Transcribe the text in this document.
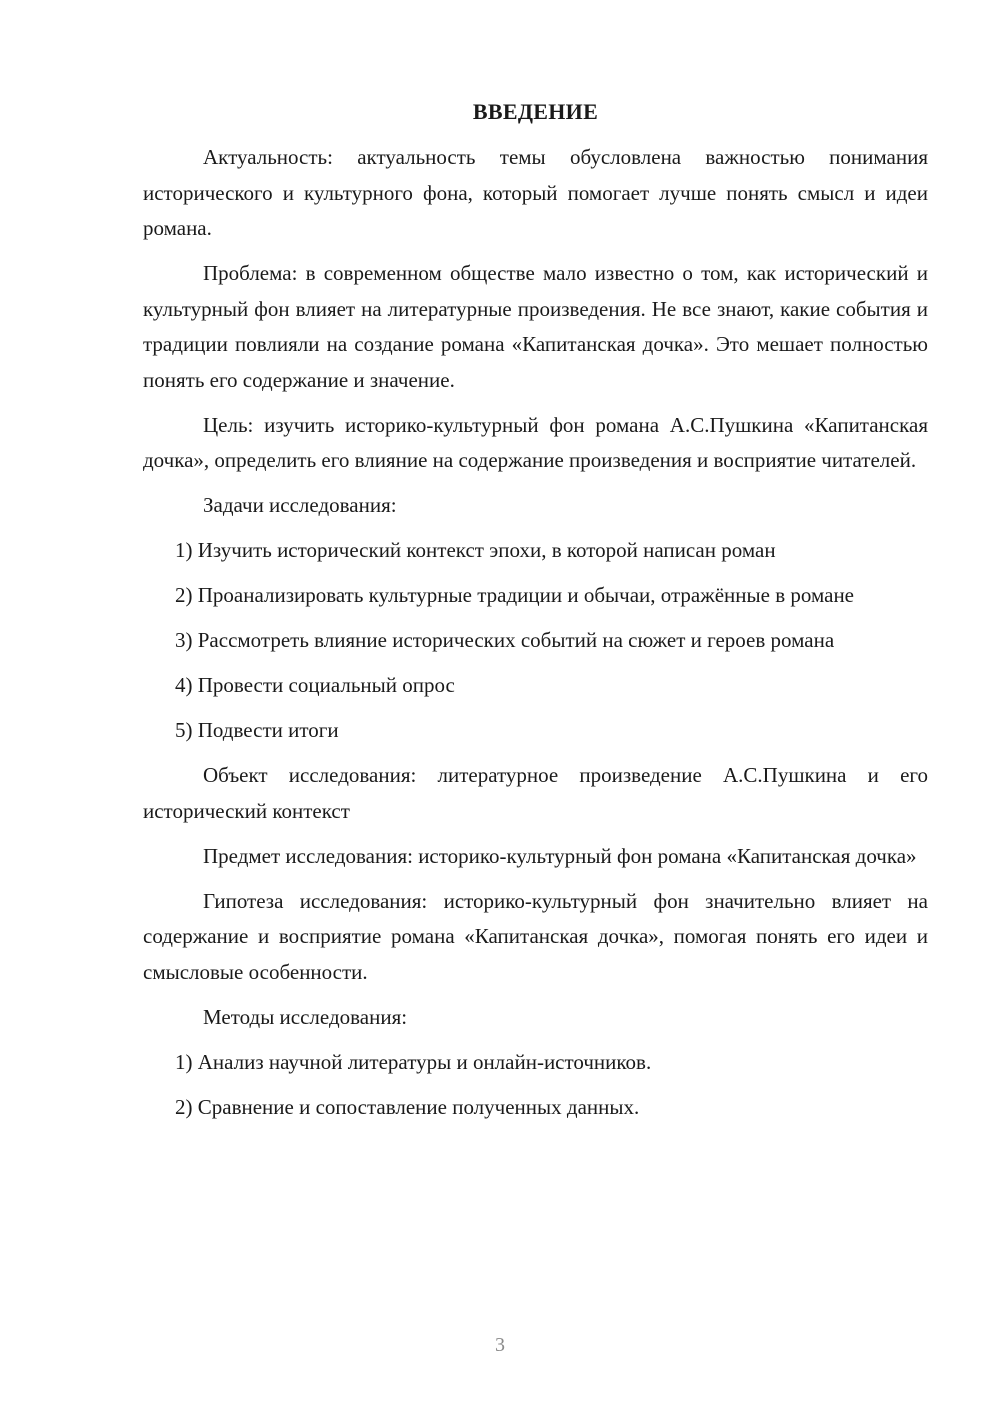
ВВЕДЕНИЕ

Актуальность: актуальность темы обусловлена важностью понимания исторического и культурного фона, который помогает лучше понять смысл и идеи романа.

Проблема: в современном обществе мало известно о том, как исторический и культурный фон влияет на литературные произведения. Не все знают, какие события и традиции повлияли на создание романа «Капитанская дочка». Это мешает полностью понять его содержание и значение.

Цель: изучить историко-культурный фон романа А.С.Пушкина «Капитанская дочка», определить его влияние на содержание произведения и восприятие читателей.

Задачи исследования:

1) Изучить исторический контекст эпохи, в которой написан роман

2) Проанализировать культурные традиции и обычаи, отражённые в романе

3) Рассмотреть влияние исторических событий на сюжет и героев романа

4) Провести социальный опрос

5) Подвести итоги

Объект исследования: литературное произведение А.С.Пушкина и его исторический контекст

Предмет исследования: историко-культурный фон романа «Капитанская дочка»

Гипотеза исследования: историко-культурный фон значительно влияет на содержание и восприятие романа «Капитанская дочка», помогая понять его идеи и смысловые особенности.

Методы исследования:

1) Анализ научной литературы и онлайн-источников.

2) Сравнение и сопоставление полученных данных.

3
